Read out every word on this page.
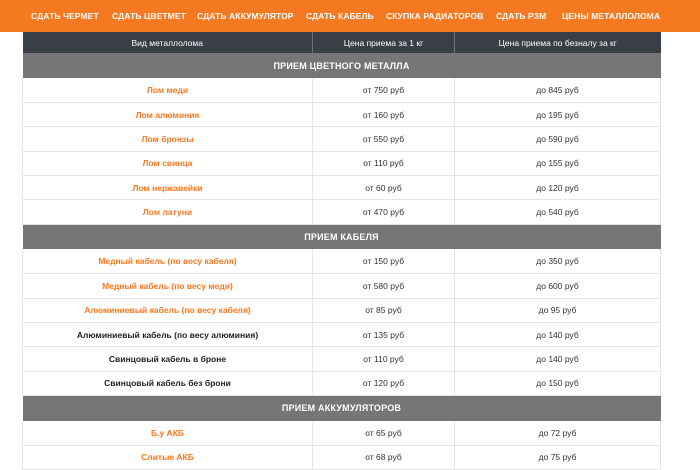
СДАТЬ ЧЕРМЕТ СДАТЬ ЦВЕТМЕТ СДАТЬ АККУМУЛЯТОР СДАТЬ КАБЕЛЬ СКУПКА РАДИАТОРОВ СДАТЬ РЗМ ЦЕНЫ МЕТАЛЛОЛОМА
Вид металлолома	Цена приема за 1 кг	Цена приема по безналу за кг
ПРИЕМ ЦВЕТНОГО МЕТАЛЛА		
Лом меди	от 750 руб	до 845 руб
Лом алюминия	от 160 руб	до 195 руб
Лом бронзы	от 550 руб	до 590 руб
Лом свинца	от 110 руб	до 155 руб
Лом нержавейки	от 60 руб	до 120 руб
Лом латуни	от 470 руб	до 540 руб
ПРИЕМ КАБЕЛЯ		
Медный кабель (по весу кабеля)	от 150 руб	до 350 руб
Медный кабель (по весу меди)	от 580 руб	до 600 руб
Алюминиевый кабель (по весу кабеля)	от 85 руб	до 95 руб
Алюминиевый кабель (по весу алюминия)	от 135 руб	до 140 руб
Свинцовый кабель в броне	от 110 руб	до 140 руб
Свинцовый кабель без брони	от 120 руб	до 150 руб
ПРИЕМ АККУМУЛЯТОРОВ		
Б.у АКБ	от 65 руб	до 72 руб
Слитые АКБ	от 68 руб	до 75 руб
